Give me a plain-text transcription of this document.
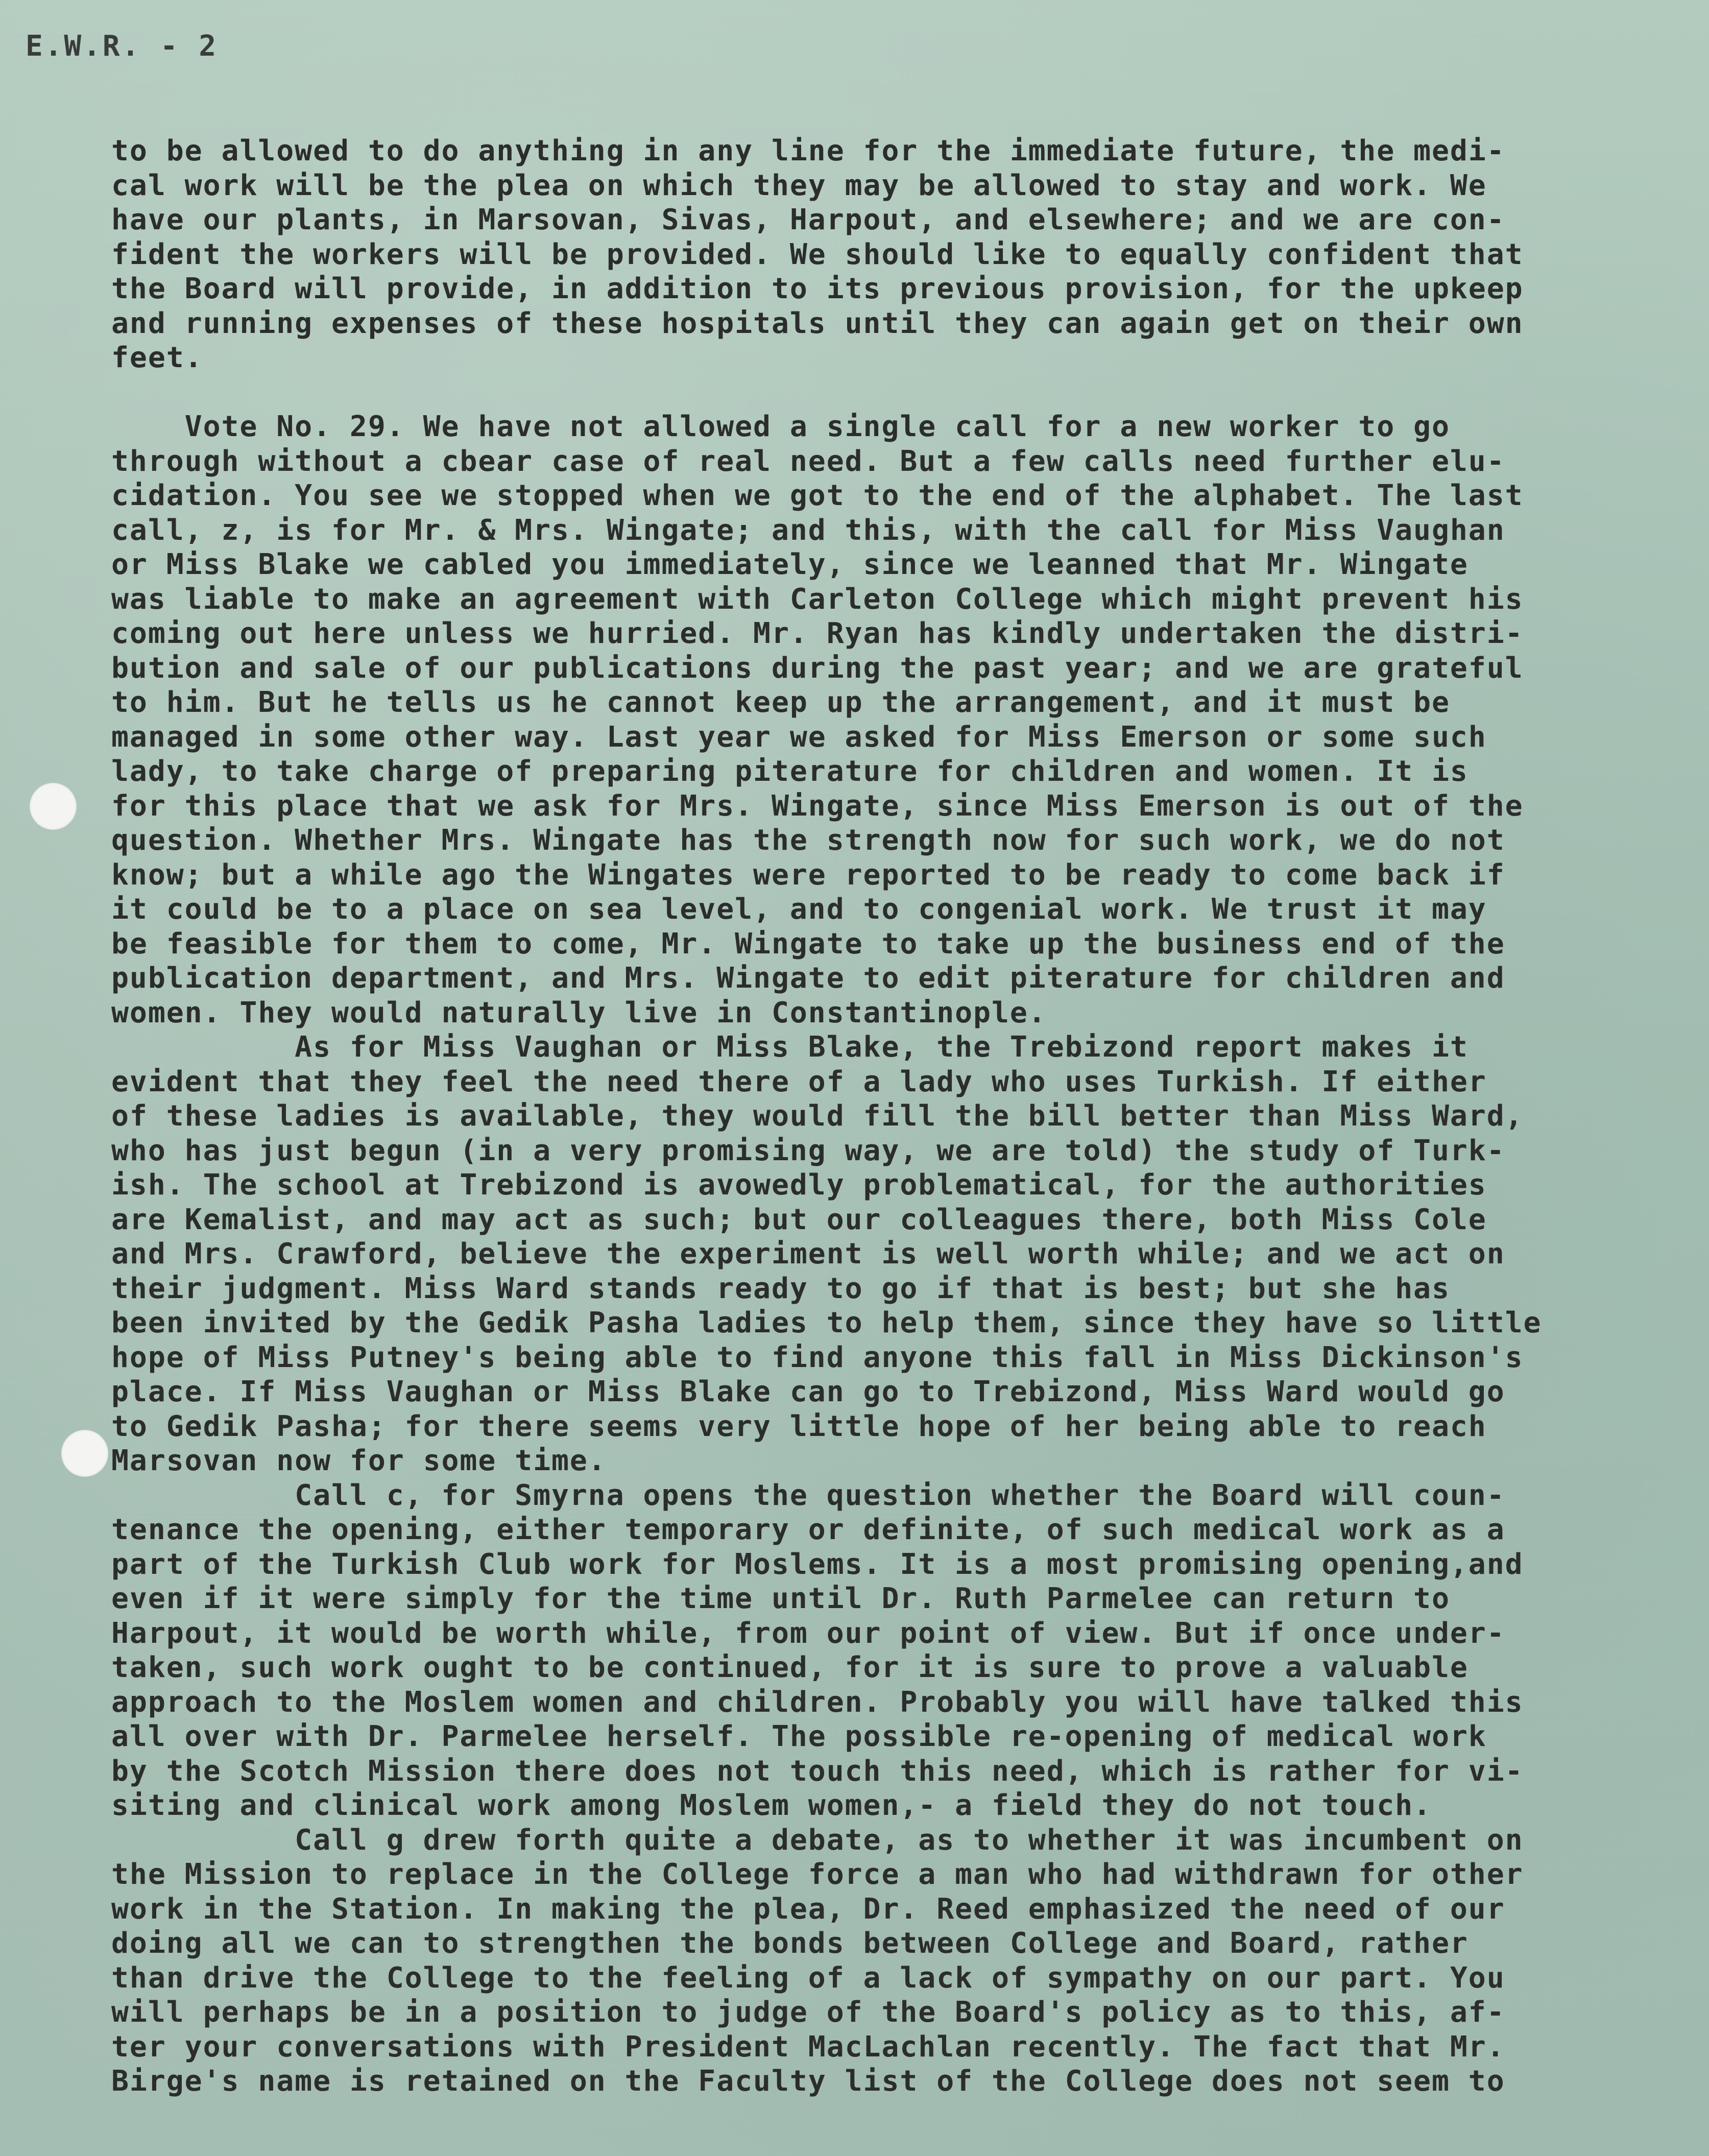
E.W.R. - 2
to be allowed to do anything in any line for the immediate future, the medi-
cal work will be the plea on which they may be allowed to stay and work. We
have our plants, in Marsovan, Sivas, Harpout, and elsewhere; and we are con-
fident the workers will be provided. We should like to equally confident that
the Board will provide, in addition to its previous provision, for the upkeep
and running expenses of these hospitals until they can again get on their own
feet.
Vote No. 29. We have not allowed a single call for a new worker to go
through without a cbear case of real need. But a few calls need further elu-
cidation. You see we stopped when we got to the end of the alphabet. The last
call, z, is for Mr. & Mrs. Wingate; and this, with the call for Miss Vaughan
or Miss Blake we cabled you immediately, since we leanned that Mr. Wingate
was liable to make an agreement with Carleton College which might prevent his
coming out here unless we hurried. Mr. Ryan has kindly undertaken the distri-
bution and sale of our publications during the past year; and we are grateful
to him. But he tells us he cannot keep up the arrangement, and it must be
managed in some other way. Last year we asked for Miss Emerson or some such
lady, to take charge of preparing piterature for children and women. It is
for this place that we ask for Mrs. Wingate, since Miss Emerson is out of the
question. Whether Mrs. Wingate has the strength now for such work, we do not
know; but a while ago the Wingates were reported to be ready to come back if
it could be to a place on sea level, and to congenial work. We trust it may
be feasible for them to come, Mr. Wingate to take up the business end of the
publication department, and Mrs. Wingate to edit piterature for children and
women. They would naturally live in Constantinople.
As for Miss Vaughan or Miss Blake, the Trebizond report makes it
evident that they feel the need there of a lady who uses Turkish. If either
of these ladies is available, they would fill the bill better than Miss Ward,
who has just begun (in a very promising way, we are told) the study of Turk-
ish. The school at Trebizond is avowedly problematical, for the authorities
are Kemalist, and may act as such; but our colleagues there, both Miss Cole
and Mrs. Crawford, believe the experiment is well worth while; and we act on
their judgment. Miss Ward stands ready to go if that is best; but she has
been invited by the Gedik Pasha ladies to help them, since they have so little
hope of Miss Putney's being able to find anyone this fall in Miss Dickinson's
place. If Miss Vaughan or Miss Blake can go to Trebizond, Miss Ward would go
to Gedik Pasha; for there seems very little hope of her being able to reach
Marsovan now for some time.
Call c, for Smyrna opens the question whether the Board will coun-
tenance the opening, either temporary or definite, of such medical work as a
part of the Turkish Club work for Moslems. It is a most promising opening,and
even if it were simply for the time until Dr. Ruth Parmelee can return to
Harpout, it would be worth while, from our point of view. But if once under-
taken, such work ought to be continued, for it is sure to prove a valuable
approach to the Moslem women and children. Probably you will have talked this
all over with Dr. Parmelee herself. The possible re-opening of medical work
by the Scotch Mission there does not touch this need, which is rather for vi-
siting and clinical work among Moslem women,- a field they do not touch.
Call g drew forth quite a debate, as to whether it was incumbent on
the Mission to replace in the College force a man who had withdrawn for other
work in the Station. In making the plea, Dr. Reed emphasized the need of our
doing all we can to strengthen the bonds between College and Board, rather
than drive the College to the feeling of a lack of sympathy on our part. You
will perhaps be in a position to judge of the Board's policy as to this, af-
ter your conversations with President MacLachlan recently. The fact that Mr.
Birge's name is retained on the Faculty list of the College does not seem to
